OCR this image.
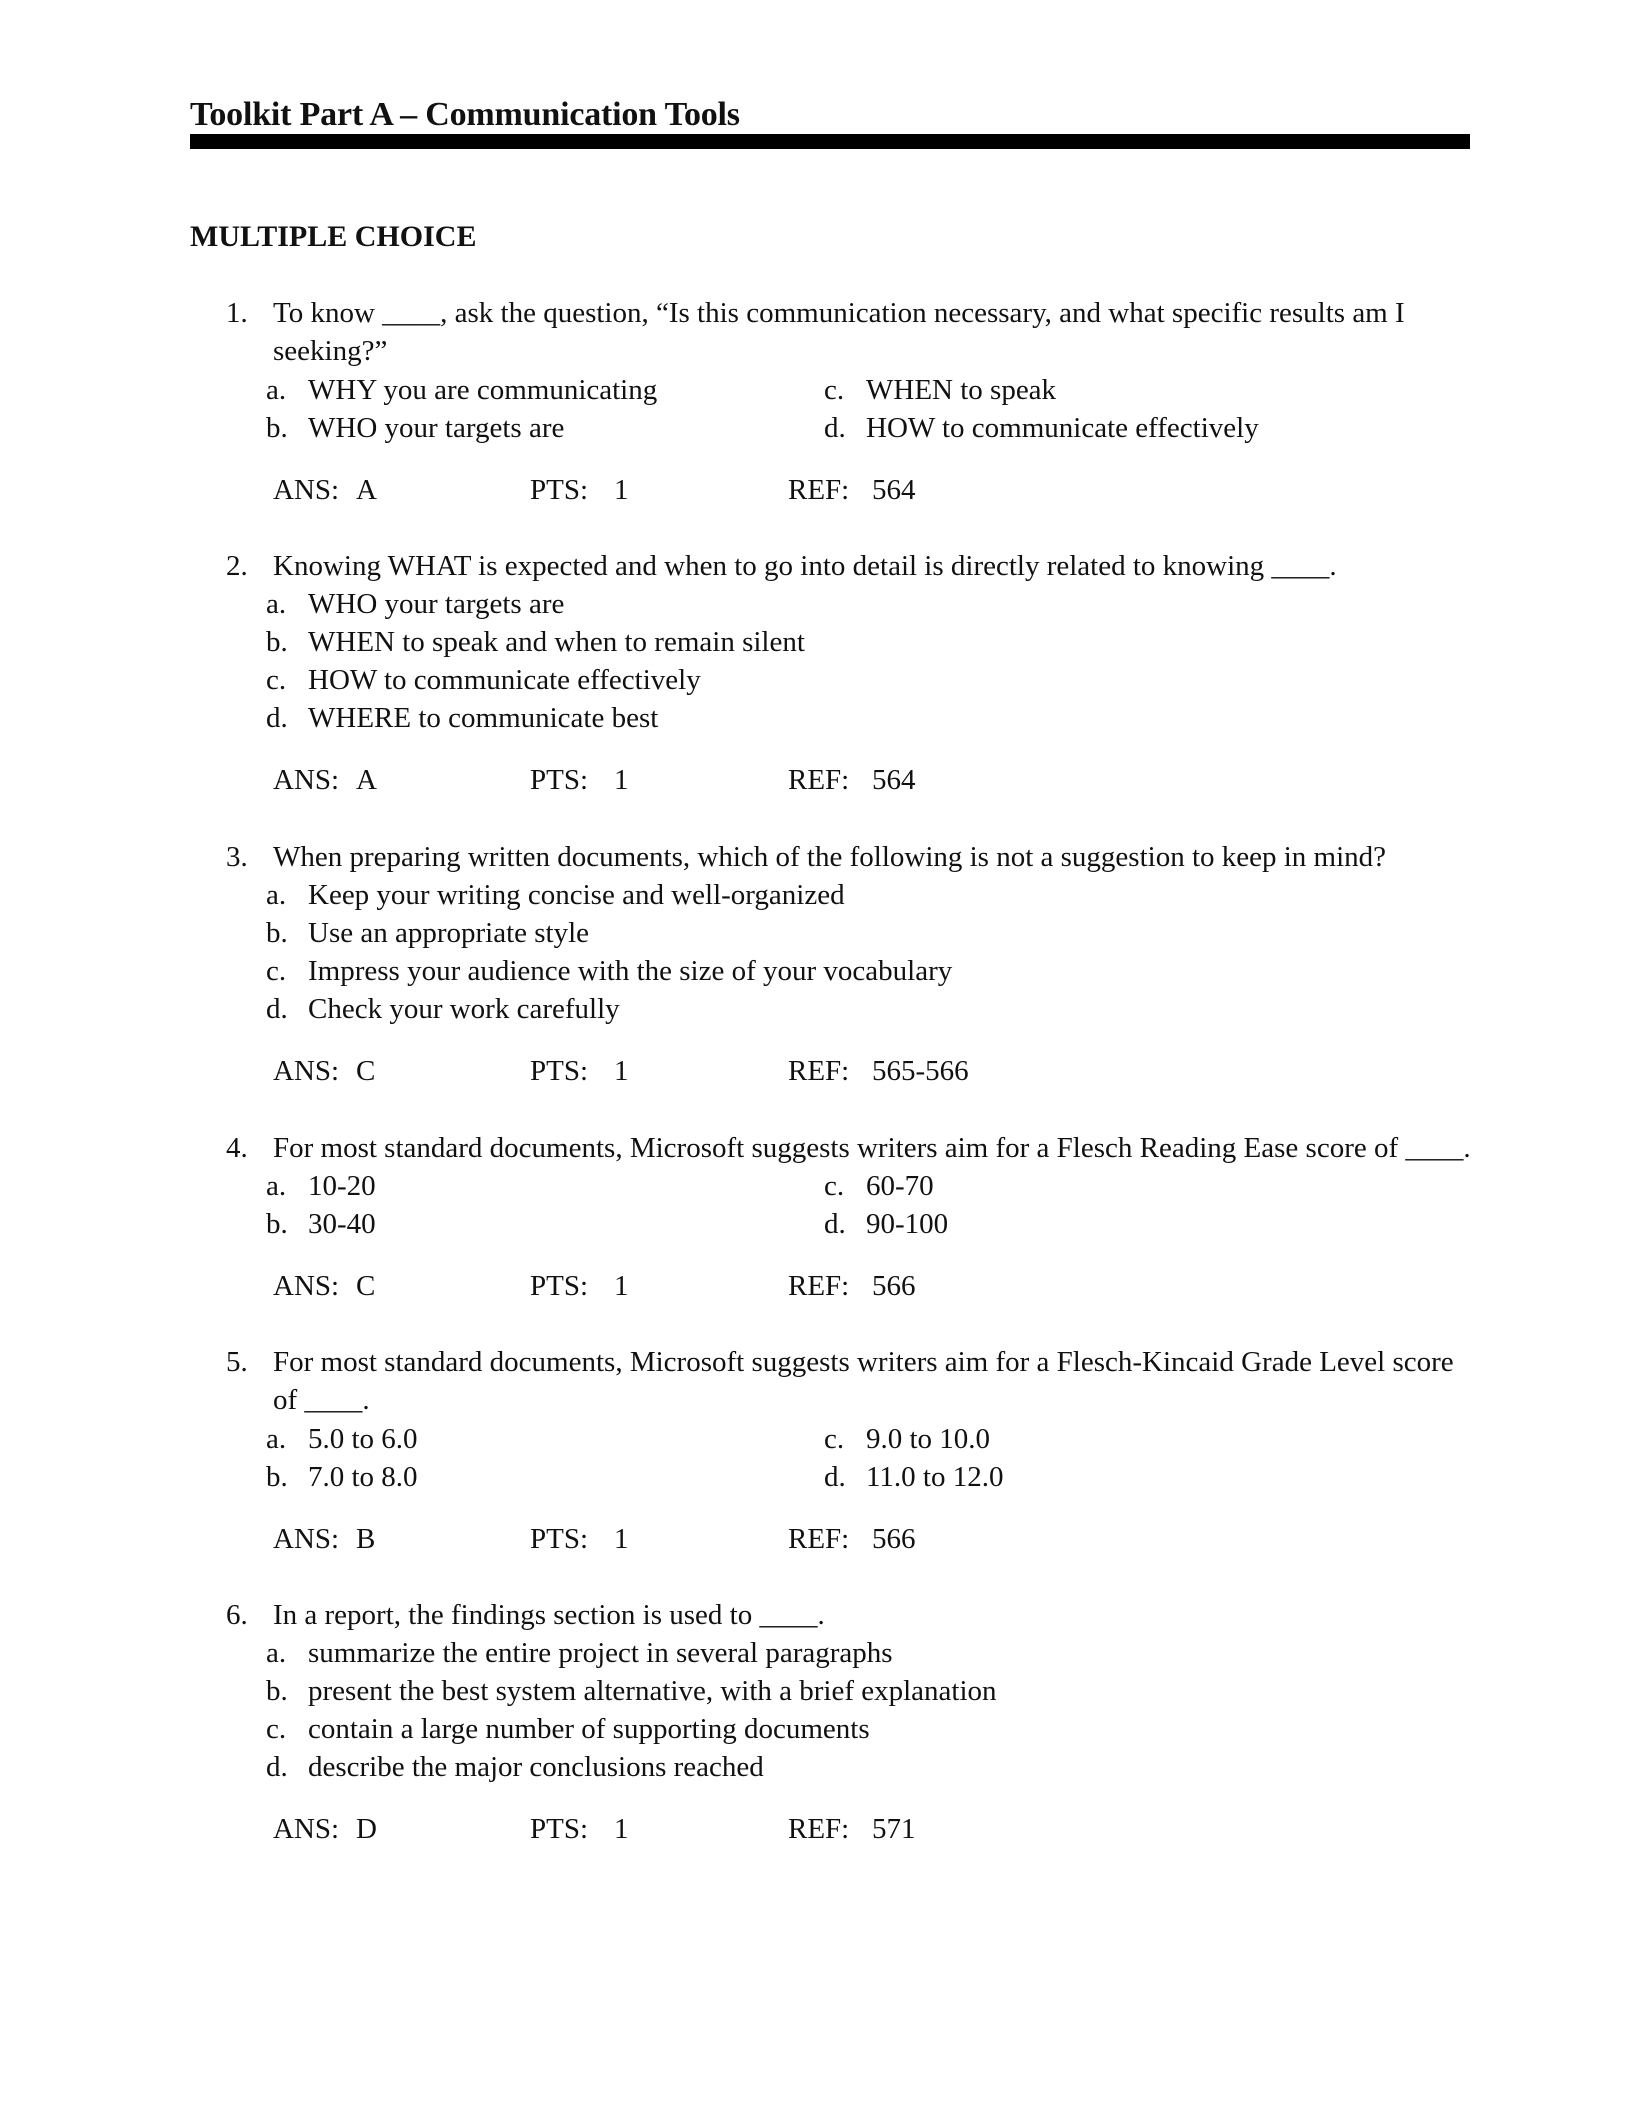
Toolkit Part A – Communication Tools
MULTIPLE CHOICE
1. To know ____, ask the question, “Is this communication necessary, and what specific results am I seeking?”
a. WHY you are communicating
b. WHO your targets are
c. WHEN to speak
d. HOW to communicate effectively
ANS: A	PTS: 1	REF: 564
2. Knowing WHAT is expected and when to go into detail is directly related to knowing ____.
a. WHO your targets are
b. WHEN to speak and when to remain silent
c. HOW to communicate effectively
d. WHERE to communicate best
ANS: A	PTS: 1	REF: 564
3. When preparing written documents, which of the following is not a suggestion to keep in mind?
a. Keep your writing concise and well-organized
b. Use an appropriate style
c. Impress your audience with the size of your vocabulary
d. Check your work carefully
ANS: C	PTS: 1	REF: 565-566
4. For most standard documents, Microsoft suggests writers aim for a Flesch Reading Ease score of ____.
a. 10-20
b. 30-40
c. 60-70
d. 90-100
ANS: C	PTS: 1	REF: 566
5. For most standard documents, Microsoft suggests writers aim for a Flesch-Kincaid Grade Level score of ____.
a. 5.0 to 6.0
b. 7.0 to 8.0
c. 9.0 to 10.0
d. 11.0 to 12.0
ANS: B	PTS: 1	REF: 566
6. In a report, the findings section is used to ____.
a. summarize the entire project in several paragraphs
b. present the best system alternative, with a brief explanation
c. contain a large number of supporting documents
d. describe the major conclusions reached
ANS: D	PTS: 1	REF: 571
